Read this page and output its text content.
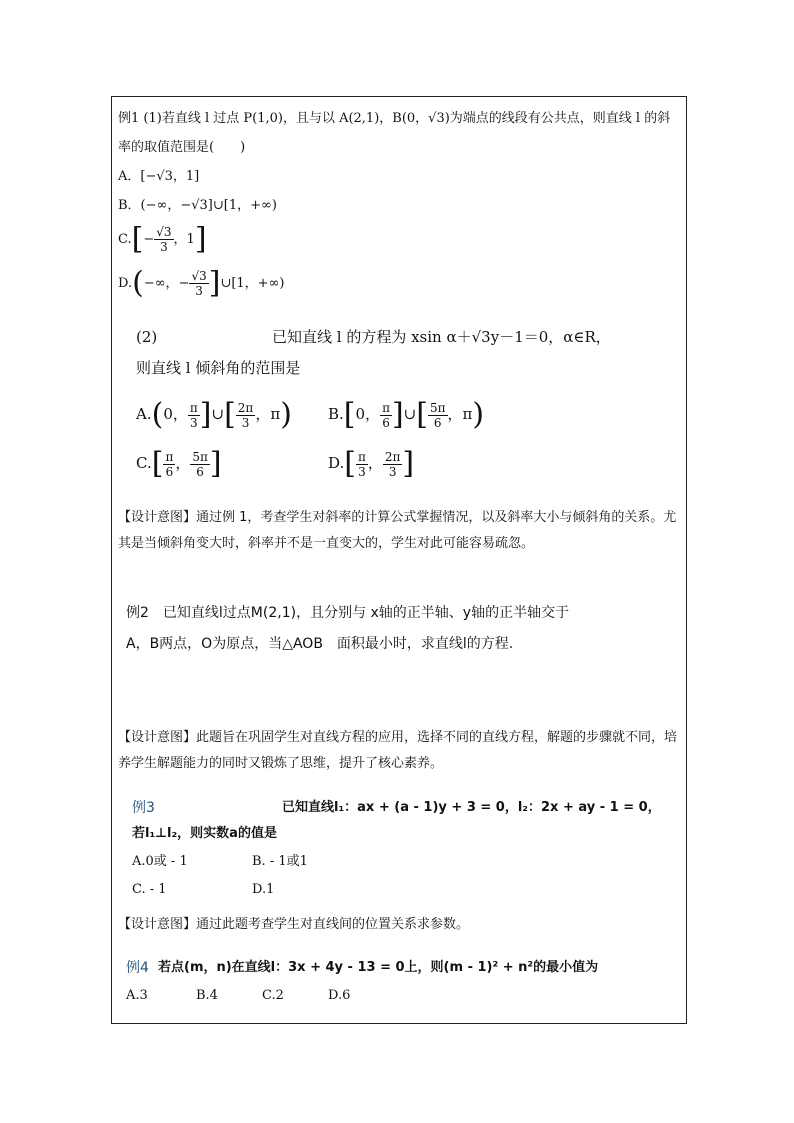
例1 (1)若直线 l 过点 P(1,0)，且与以 A(2,1)，B(0，√3)为端点的线段有公共点，则直线 l 的斜
率的取值范围是(　　)
A．[−√3，1]
B．(−∞，−√3]∪[1，+∞)
$C.[- \frac{√3}{3}$ ，1]
D.(−∞，− $\frac{√3}{3}$ ]∪[1，+∞)
(2)	已知直线 l 的方程为 xsin α＋√3y－1＝0，α∈R，
则直线 l 倾斜角的范围是
A.(0， $\frac{\pi}{3}$ ]∪[ $\frac{2\pi}{3}$ ，π) B.[0， $\frac{\pi}{6}$ ]∪[ $\frac{5\pi}{6}$ ，π)
$C.[ \frac{\pi}{6}$ ， $\frac{5\pi}{6}$ ]	$D.[ \frac{\pi}{3}$ ， $\frac{2\pi}{3}$ ]
【设计意图】通过例 1，考查学生对斜率的计算公式掌握情况，以及斜率大小与倾斜角的关系。尤其是当倾斜角变大时，斜率并不是一直变大的，学生对此可能容易疏忽。
例2　已知直线l过点M(2,1)，且分别与 x轴的正半轴、y轴的正半轴交于
A，B两点，O为原点，当△AOB　面积最小时，求直线l的方程.
【设计意图】此题旨在巩固学生对直线方程的应用，选择不同的直线方程，解题的步骤就不同，培养学生解题能力的同时又锻炼了思维，提升了核心素养。
例3	已知直线l₁：ax + (a - 1)y + 3 = 0，l₂：2x + ay - 1 = 0，
若l₁⊥l₂，则实数a的值是
A.0或 - 1	B. - 1或1
C. - 1	D.1
【设计意图】通过此题考查学生对直线间的位置关系求参数。
例4 若点(m，n)在直线l：3x + 4y - 13 = 0上，则(m - 1)² + n²的最小值为
A.3	B.4	C.2	D.6
